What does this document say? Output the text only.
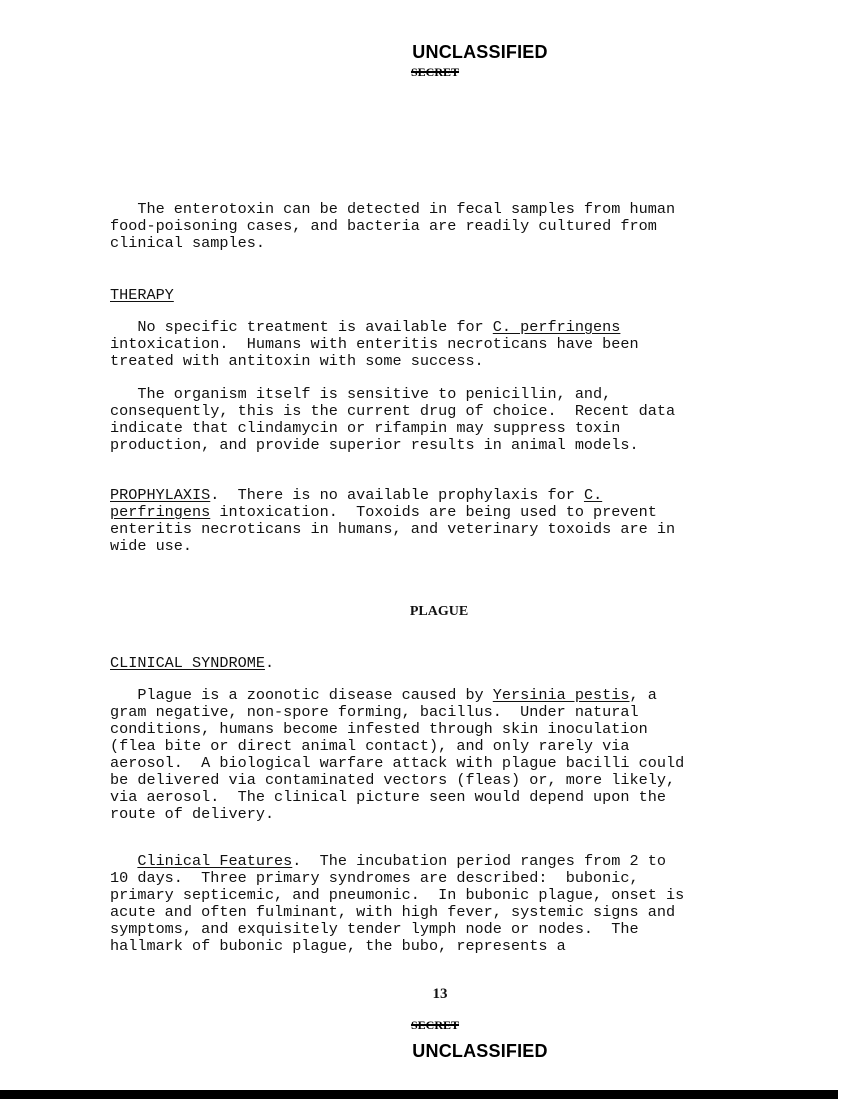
UNCLASSIFIED
SECRET
The enterotoxin can be detected in fecal samples from human
food-poisoning cases, and bacteria are readily cultured from
clinical samples.
THERAPY
No specific treatment is available for C. perfringens
intoxication.  Humans with enteritis necroticans have been
treated with antitoxin with some success.
The organism itself is sensitive to penicillin, and,
consequently, this is the current drug of choice.  Recent data
indicate that clindamycin or rifampin may suppress toxin
production, and provide superior results in animal models.
PROPHYLAXIS.  There is no available prophylaxis for C.
perfringens intoxication.  Toxoids are being used to prevent
enteritis necroticans in humans, and veterinary toxoids are in
wide use.
PLAGUE
CLINICAL SYNDROME.
Plague is a zoonotic disease caused by Yersinia pestis, a
gram negative, non-spore forming, bacillus.  Under natural
conditions, humans become infested through skin inoculation
(flea bite or direct animal contact), and only rarely via
aerosol.  A biological warfare attack with plague bacilli could
be delivered via contaminated vectors (fleas) or, more likely,
via aerosol.  The clinical picture seen would depend upon the
route of delivery.
Clinical Features.  The incubation period ranges from 2 to
10 days.  Three primary syndromes are described:  bubonic,
primary septicemic, and pneumonic.  In bubonic plague, onset is
acute and often fulminant, with high fever, systemic signs and
symptoms, and exquisitely tender lymph node or nodes.  The
hallmark of bubonic plague, the bubo, represents a
13
SECRET
UNCLASSIFIED
